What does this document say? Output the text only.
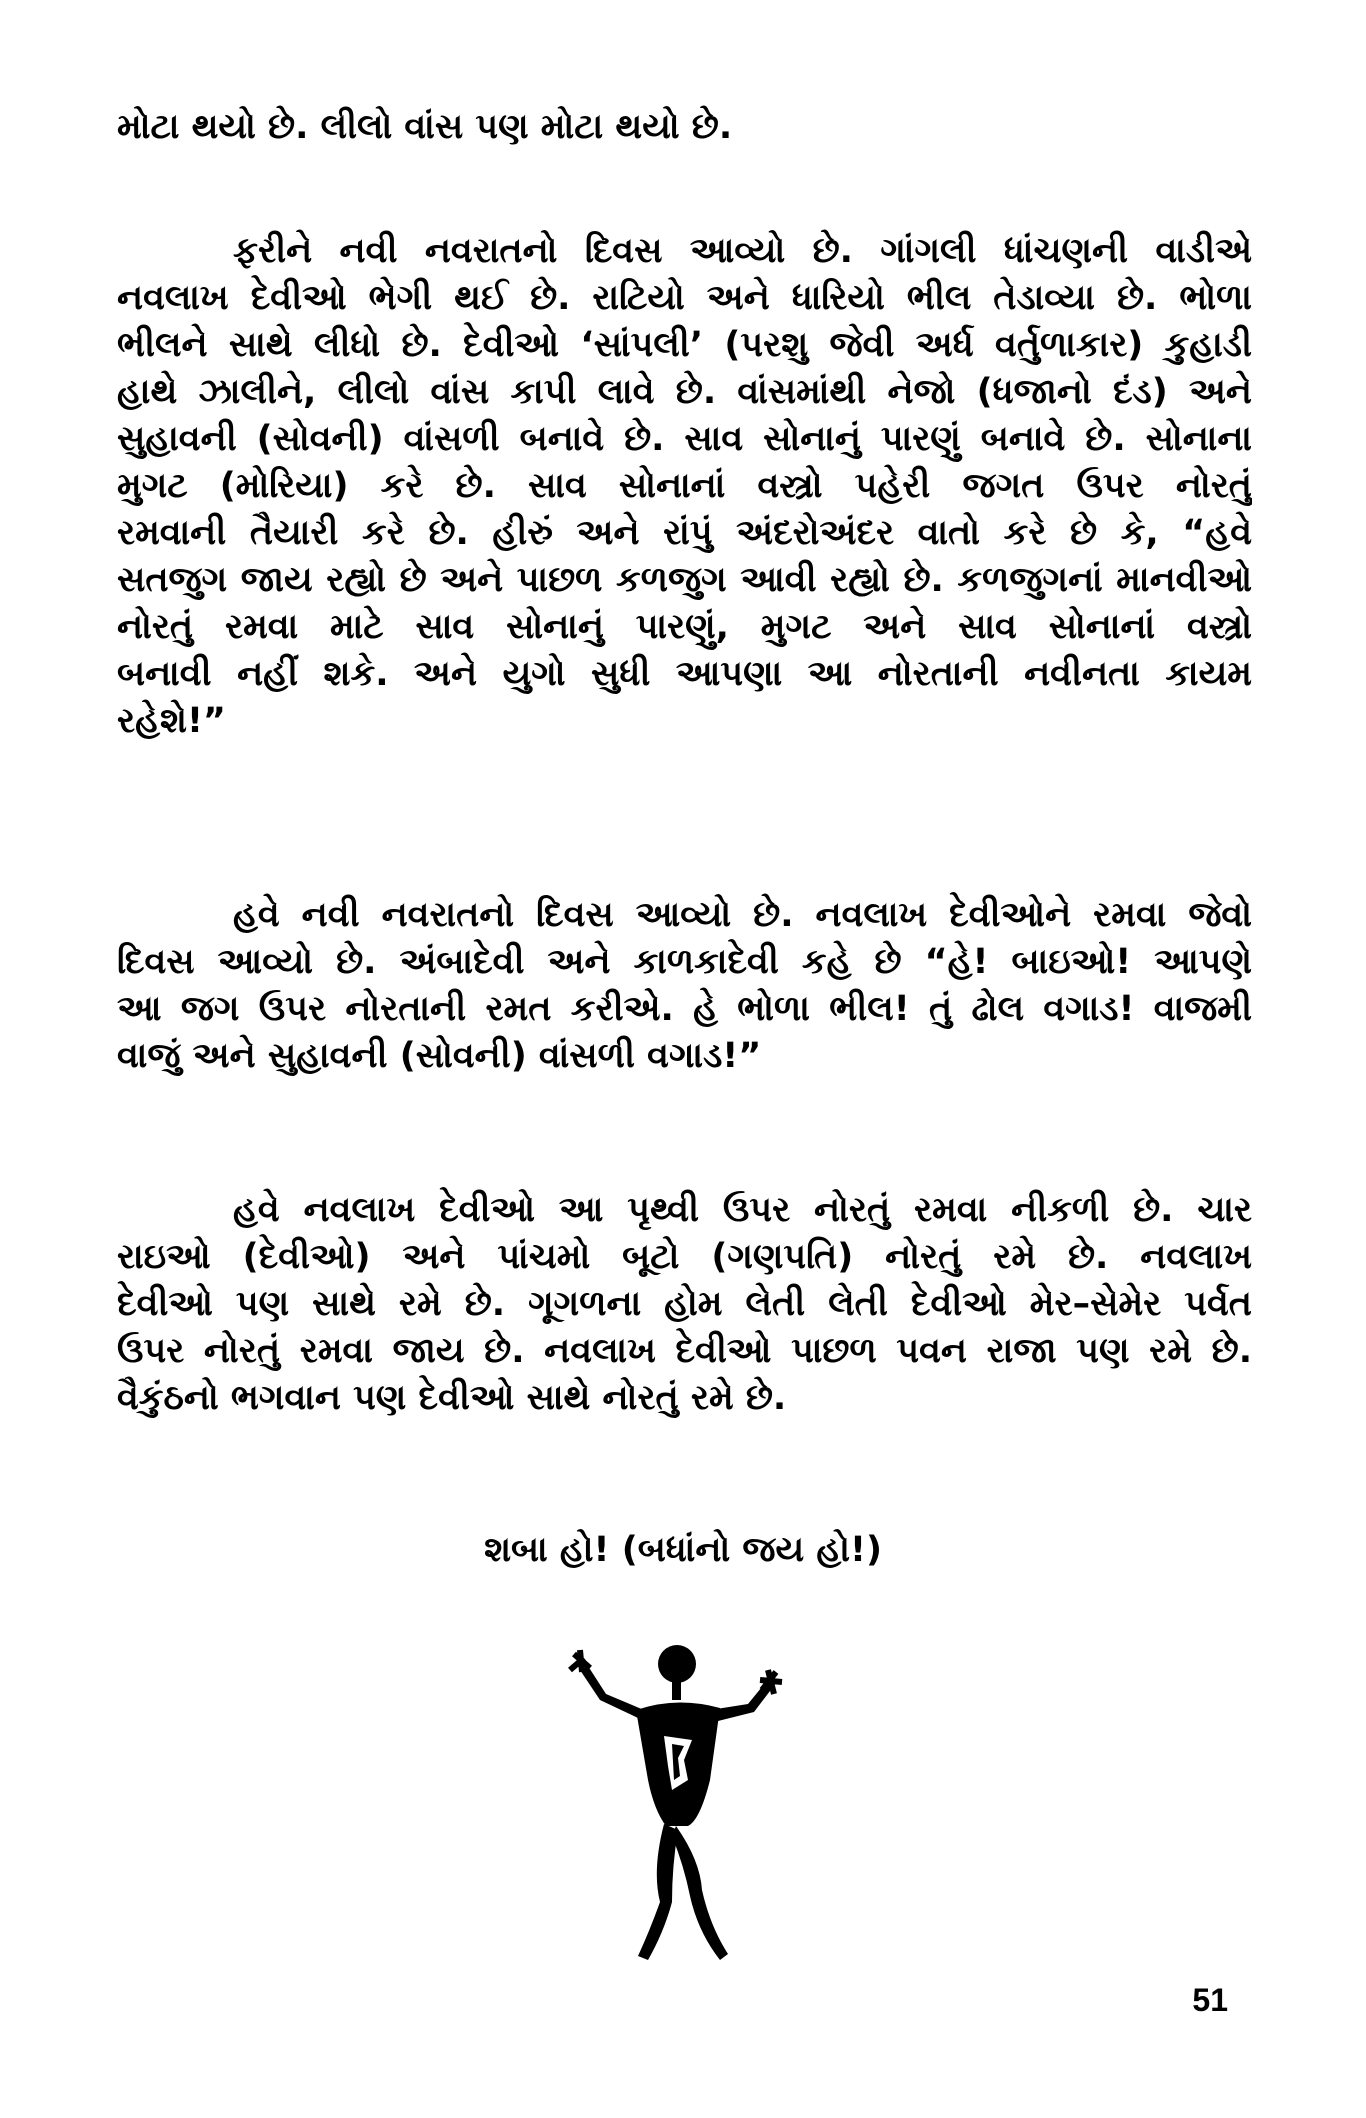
મોટા થયો છે. લીલો વાંસ પણ મોટા થયો છે.
ફરીને નવી નવરાતનો દિવસ આવ્યો છે. ગાંગલી ધાંચણની વાડીએ
નવલાખ દેવીઓ ભેગી થઈ છે. રાટિયો અને ધારિયો ભીલ તેડાવ્યા છે. ભોળા
ભીલને સાથે લીધો છે. દેવીઓ ‘સાંપલી’ (પરશુ જેવી અર્ધ વર્તુળાકાર) કુહાડી
હાથે ઝાલીને, લીલો વાંસ કાપી લાવે છે. વાંસમાંથી નેજો (ધજાનો દંડ) અને
સુહાવની (સોવની) વાંસળી બનાવે છે. સાવ સોનાનું પારણું બનાવે છે. સોનાના
મુગટ (મોરિયા) કરે છે. સાવ સોનાનાં વસ્ત્રો પહેરી જગત ઉપર નોરતું
રમવાની તૈયારી કરે છે. હીરું અને રાંપું અંદરોઅંદર વાતો કરે છે કે, “હવે
સતજુગ જાય રહ્યો છે અને પાછળ કળજુગ આવી રહ્યો છે. કળજુગનાં માનવીઓ
નોરતું રમવા માટે સાવ સોનાનું પારણું, મુગટ અને સાવ સોનાનાં વસ્ત્રો
બનાવી નહીં શકે. અને યુગો સુધી આપણા આ નોરતાની નવીનતા કાયમ
રહેશે!”
હવે નવી નવરાતનો દિવસ આવ્યો છે. નવલાખ દેવીઓને રમવા જેવો
દિવસ આવ્યો છે. અંબાદેવી અને કાળકાદેવી કહે છે “હે! બાઇઓ! આપણે
આ જગ ઉપર નોરતાની રમત કરીએ. હે ભોળા ભીલ! તું ઢોલ વગાડ! વાજમી
વાજું અને સુહાવની (સોવની) વાંસળી વગાડ!”
હવે નવલાખ દેવીઓ આ પૃથ્વી ઉપર નોરતું રમવા નીકળી છે. ચાર
રાઇઓ (દેવીઓ) અને પાંચમો બૂટો (ગણપતિ) નોરતું રમે છે. નવલાખ
દેવીઓ પણ સાથે રમે છે. ગૂગળના હોમ લેતી લેતી દેવીઓ મેર–સેમેર પર્વત
ઉપર નોરતું રમવા જાય છે. નવલાખ દેવીઓ પાછળ પવન રાજા પણ રમે છે.
વૈકુંઠનો ભગવાન પણ દેવીઓ સાથે નોરતું રમે છે.

શબા હો! (બધાંનો જય હો!)

51
